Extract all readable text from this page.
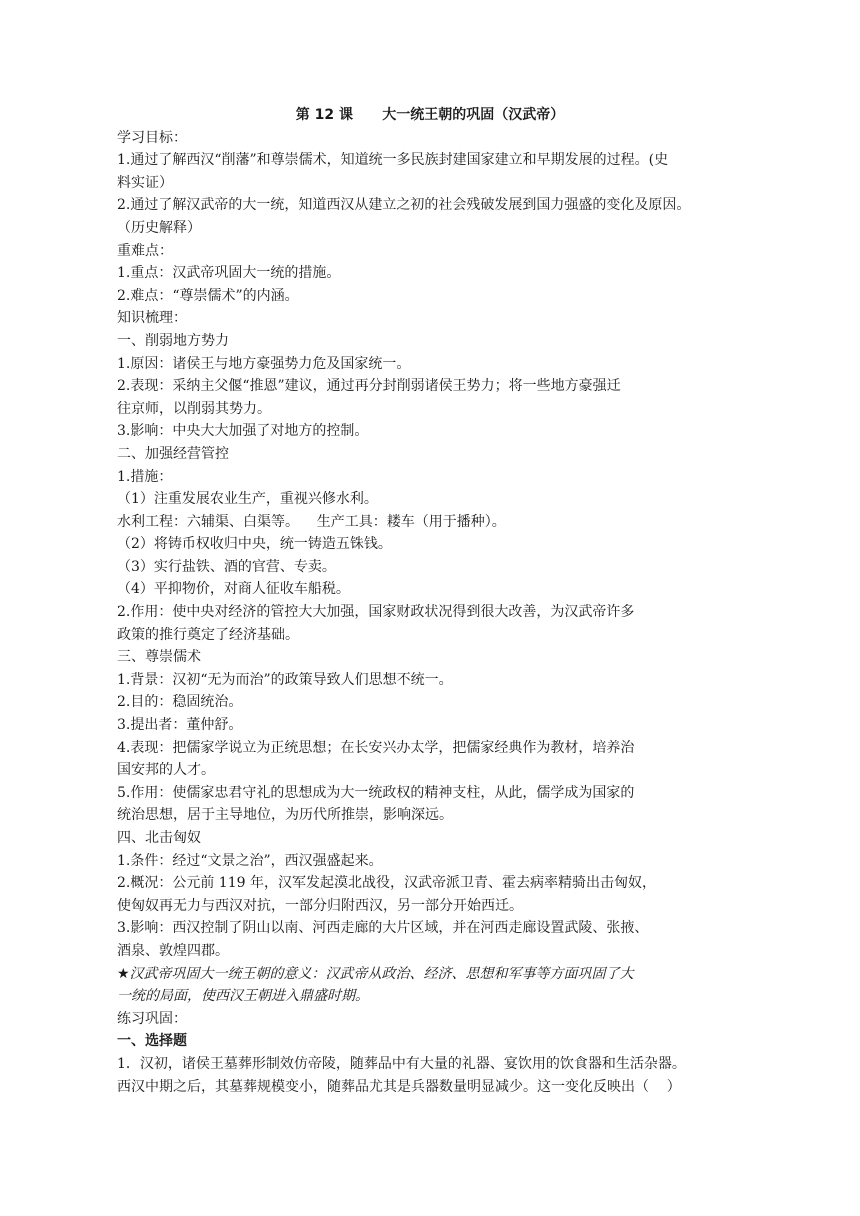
第 12 课      大一统王朝的巩固（汉武帝）
学习目标：
1.通过了解西汉“削藩”和尊崇儒术，知道统一多民族封建国家建立和早期发展的过程。(史
料实证）
2.通过了解汉武帝的大一统，知道西汉从建立之初的社会残破发展到国力强盛的变化及原因。
（历史解释）
重难点：
1.重点：汉武帝巩固大一统的措施。
2.难点：“尊崇儒术”的内涵。
知识梳理：
一、削弱地方势力
1.原因：诸侯王与地方豪强势力危及国家统一。
2.表现：采纳主父偃“推恩”建议，通过再分封削弱诸侯王势力；将一些地方豪强迁
往京师，以削弱其势力。
3.影响：中央大大加强了对地方的控制。
二、加强经营管控
1.措施：
（1）注重发展农业生产，重视兴修水利。
水利工程：六辅渠、白渠等。    生产工具：耧车（用于播种）。
（2）将铸币权收归中央，统一铸造五铢钱。
（3）实行盐铁、酒的官营、专卖。
（4）平抑物价，对商人征收车船税。
2.作用：使中央对经济的管控大大加强，国家财政状况得到很大改善，为汉武帝许多
政策的推行奠定了经济基础。
三、尊崇儒术
1.背景：汉初“无为而治”的政策导致人们思想不统一。
2.目的：稳固统治。
3.提出者：董仲舒。
4.表现：把儒家学说立为正统思想；在长安兴办太学，把儒家经典作为教材，培养治
国安邦的人才。
5.作用：使儒家忠君守礼的思想成为大一统政权的精神支柱，从此，儒学成为国家的
统治思想，居于主导地位，为历代所推崇，影响深远。
四、北击匈奴
1.条件：经过“文景之治”，西汉强盛起来。
2.概况：公元前 119 年，汉军发起漠北战役，汉武帝派卫青、霍去病率精骑出击匈奴，
使匈奴再无力与西汉对抗，一部分归附西汉，另一部分开始西迁。
3.影响：西汉控制了阴山以南、河西走廊的大片区域，并在河西走廊设置武陵、张掖、
酒泉、敦煌四郡。
★汉武帝巩固大一统王朝的意义：汉武帝从政治、经济、思想和军事等方面巩固了大
一统的局面，使西汉王朝进入鼎盛时期。
练习巩固：
一、选择题
1．汉初，诸侯王墓葬形制效仿帝陵，随葬品中有大量的礼器、宴饮用的饮食器和生活杂器。
西汉中期之后，其墓葬规模变小，随葬品尤其是兵器数量明显减少。这一变化反映出（    ）
